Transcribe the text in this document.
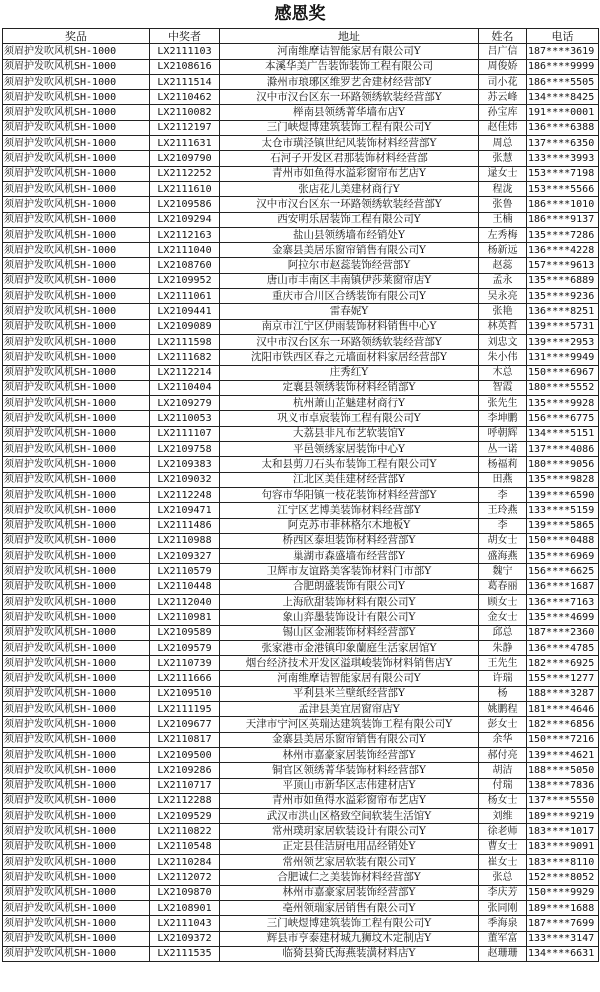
感恩奖
奖品	中奖者	地址	姓名	电话
须眉护发吹风机SH-1000	LX2111103	河南维摩诘智能家居有限公司Y	吕广信	187****3619
须眉护发吹风机SH-1000	LX2108616	本溪华美广告装饰装饰工程有限公司	周俊娇	186****9999
须眉护发吹风机SH-1000	LX2111514	滁州市琅琊区维罗艺舍建材经营部Y	司小花	186****5505
须眉护发吹风机SH-1000	LX2110462	汉中市汉台区东一环路领绣软装经营部Y	苏云峰	134****8425
须眉护发吹风机SH-1000	LX2110082	榉南县领绣菁华墙布店Y	孙宝库	191****0001
须眉护发吹风机SH-1000	LX2112197	三门峡煜博建筑装饰工程有限公司Y	赵佳炜	136****6388
须眉护发吹风机SH-1000	LX2111631	太仓市璜泾镇世纪风装饰材料经营部Y	周总	137****6350
须眉护发吹风机SH-1000	LX2109790	石河子开发区君那装饰材料经营部	张慧	133****3993
须眉护发吹风机SH-1000	LX2112252	青州市如鱼得水溢彩窗帘布艺店Y	逯女士	153****7198
须眉护发吹风机SH-1000	LX2111610	张店花儿美建材商行Y	程泷	153****5566
须眉护发吹风机SH-1000	LX2109586	汉中市汉台区东一环路领绣软装经营部Y	张鲁	186****1010
须眉护发吹风机SH-1000	LX2109294	西安明乐居装饰工程有限公司Y	王楠	186****9137
须眉护发吹风机SH-1000	LX2112163	盐山县领绣墙布经销处Y	左秀梅	135****7286
须眉护发吹风机SH-1000	LX2111040	金寨县美居乐窗帘销售有限公司Y	杨新远	136****4228
须眉护发吹风机SH-1000	LX2108760	阿拉尔市赵蕊装饰经营部Y	赵蕊	157****9613
须眉护发吹风机SH-1000	LX2109952	唐山市丰南区丰南镇伊莎莱窗帘店Y	孟永	135****6889
须眉护发吹风机SH-1000	LX2111061	重庆市合川区合绣装饰有限公司Y	吴永亮	135****9236
须眉护发吹风机SH-1000	LX2109441	雷春妮Y	张艳	136****8251
须眉护发吹风机SH-1000	LX2109089	南京市江宁区伊雨装饰材料销售中心Y	林英哲	139****5731
须眉护发吹风机SH-1000	LX2111598	汉中市汉台区东一环路领绣软装经营部Y	刘忠文	139****2953
须眉护发吹风机SH-1000	LX2111682	沈阳市铁西区春之元墙面材料家居经营部Y	朱小伟	131****9949
须眉护发吹风机SH-1000	LX2112214	庄秀红Y	木总	150****6967
须眉护发吹风机SH-1000	LX2110404	定襄县领绣装饰材料经销部Y	智霞	180****5552
须眉护发吹风机SH-1000	LX2109279	杭州萧山芷魅建材商行Y	张先生	135****9928
须眉护发吹风机SH-1000	LX2110053	巩义市卓宸装饰工程有限公司Y	李坤鹏	156****6775
须眉护发吹风机SH-1000	LX2111107	大荔县非凡布艺软装馆Y	呼朝辉	134****5151
须眉护发吹风机SH-1000	LX2109758	平邑领绣家居装饰中心Y	丛一诺	137****4086
须眉护发吹风机SH-1000	LX2109383	太和县剪刀石头布装饰工程有限公司Y	杨福莉	180****9056
须眉护发吹风机SH-1000	LX2109032	江北区美佳建材经营部Y	田燕	135****9828
须眉护发吹风机SH-1000	LX2112248	句容市华阳镇一枝花装饰材料经营部Y	李	139****6590
须眉护发吹风机SH-1000	LX2109471	江宁区艺博美装饰材料经营部Y	王玲燕	133****5159
须眉护发吹风机SH-1000	LX2111486	阿克苏市菲林格尔木地板Y	李	139****5865
须眉护发吹风机SH-1000	LX2110988	桥西区泰坦装饰材料经营部Y	胡女士	150****0488
须眉护发吹风机SH-1000	LX2109327	巢湖市森盛墙布经营部Y	盛海燕	135****6969
须眉护发吹风机SH-1000	LX2110579	卫辉市友谊路美客装饰材料门市部Y	魏宁	156****6625
须眉护发吹风机SH-1000	LX2110448	合肥朗盛装饰有限公司Y	葛春丽	136****1687
须眉护发吹风机SH-1000	LX2112040	上海欣甜装饰材料有限公司Y	顾女士	136****7163
须眉护发吹风机SH-1000	LX2110981	象山弈墨装饰设计有限公司Y	金女士	135****4699
须眉护发吹风机SH-1000	LX2109589	锡山区金湘装饰材料经营部Y	邱总	187****2360
须眉护发吹风机SH-1000	LX2109579	张家港市金港镇印象蘭庭生活家居馆Y	朱静	136****4785
须眉护发吹风机SH-1000	LX2110739	烟台经济技术开发区溢琪峻装饰材料销售店Y	王先生	182****6925
须眉护发吹风机SH-1000	LX2111666	河南维摩诘智能家居有限公司Y	许瑞	155****1277
须眉护发吹风机SH-1000	LX2109510	平利县米兰壁纸经营部Y	杨	188****3287
须眉护发吹风机SH-1000	LX2111195	孟津县美宜居窗帘店Y	姚鹏程	181****4646
须眉护发吹风机SH-1000	LX2109677	天津市宁河区英瑞达建筑装饰工程有限公司Y	彭女士	182****6856
须眉护发吹风机SH-1000	LX2110817	金寨县美居乐窗帘销售有限公司Y	余华	150****7216
须眉护发吹风机SH-1000	LX2109500	林州市嘉豪家居装饰经营部Y	郝付亮	139****4621
须眉护发吹风机SH-1000	LX2109286	铜官区领绣菁华装饰材料经营部Y	胡洁	188****5050
须眉护发吹风机SH-1000	LX2110717	平顶山市新华区志伟建材店Y	付瑞	138****7836
须眉护发吹风机SH-1000	LX2112288	青州市如鱼得水溢彩窗帘布艺店Y	杨女士	137****5550
须眉护发吹风机SH-1000	LX2109529	武汉市洪山区格致空间软装生活馆Y	刘维	189****9219
须眉护发吹风机SH-1000	LX2110822	常州璞玥家居软装设计有限公司Y	徐老师	183****1017
须眉护发吹风机SH-1000	LX2110548	正定县佳洁厨电用品经销处Y	曹女士	183****9091
须眉护发吹风机SH-1000	LX2110284	常州领艺家居软装有限公司Y	崔女士	183****8110
须眉护发吹风机SH-1000	LX2112072	合肥诚仁之美装饰材料经营部Y	张总	152****8052
须眉护发吹风机SH-1000	LX2109870	林州市嘉豪家居装饰经营部Y	李庆芳	150****9929
须眉护发吹风机SH-1000	LX2108901	亳州领瑞家居销售有限公司Y	张同刚	189****1688
须眉护发吹风机SH-1000	LX2111043	三门峡煜博建筑装饰工程有限公司Y	季海泉	187****7699
须眉护发吹风机SH-1000	LX2109372	辉县市亨泰建材城九狮坟木定制店Y	董军富	133****3147
须眉护发吹风机SH-1000	LX2111535	临猗县猗氏海燕装潢材料店Y	赵珊珊	134****6631
